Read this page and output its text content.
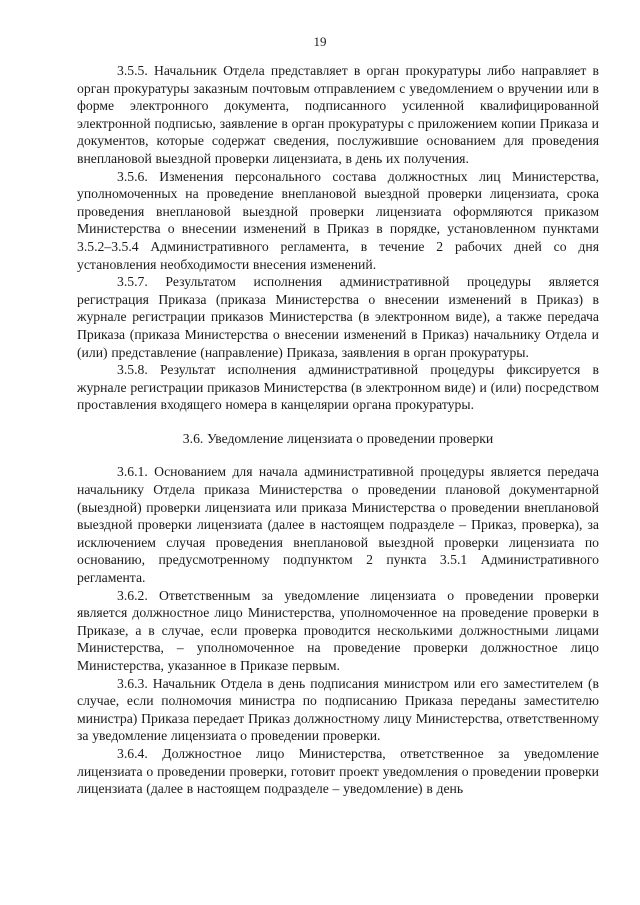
19

3.5.5. Начальник Отдела представляет в орган прокуратуры либо направляет в орган прокуратуры заказным почтовым отправлением с уведомлением о вручении или в форме электронного документа, подписанного усиленной квалифицированной электронной подписью, заявление в орган прокуратуры с приложением копии Приказа и документов, которые содержат сведения, послужившие основанием для проведения внеплановой выездной проверки лицензиата, в день их получения.

3.5.6. Изменения персонального состава должностных лиц Министерства, уполномоченных на проведение внеплановой выездной проверки лицензиата, срока проведения внеплановой выездной проверки лицензиата оформляются приказом Министерства о внесении изменений в Приказ в порядке, установленном пунктами 3.5.2–3.5.4 Административного регламента, в течение 2 рабочих дней со дня установления необходимости внесения изменений.

3.5.7. Результатом исполнения административной процедуры является регистрация Приказа (приказа Министерства о внесении изменений в Приказ) в журнале регистрации приказов Министерства (в электронном виде), а также передача Приказа (приказа Министерства о внесении изменений в Приказ) начальнику Отдела и (или) представление (направление) Приказа, заявления в орган прокуратуры.

3.5.8. Результат исполнения административной процедуры фиксируется в журнале регистрации приказов Министерства (в электронном виде) и (или) посредством проставления входящего номера в канцелярии органа прокуратуры.

3.6. Уведомление лицензиата о проведении проверки

3.6.1. Основанием для начала административной процедуры является передача начальнику Отдела приказа Министерства о проведении плановой документарной (выездной) проверки лицензиата или приказа Министерства о проведении внеплановой выездной проверки лицензиата (далее в настоящем подразделе – Приказ, проверка), за исключением случая проведения внеплановой выездной проверки лицензиата по основанию, предусмотренному подпунктом 2 пункта 3.5.1 Административного регламента.

3.6.2. Ответственным за уведомление лицензиата о проведении проверки является должностное лицо Министерства, уполномоченное на проведение проверки в Приказе, а в случае, если проверка проводится несколькими должностными лицами Министерства, – уполномоченное на проведение проверки должностное лицо Министерства, указанное в Приказе первым.

3.6.3. Начальник Отдела в день подписания министром или его заместителем (в случае, если полномочия министра по подписанию Приказа переданы заместителю министра) Приказа передает Приказ должностному лицу Министерства, ответственному за уведомление лицензиата о проведении проверки.

3.6.4. Должностное лицо Министерства, ответственное за уведомление лицензиата о проведении проверки, готовит проект уведомления о проведении проверки лицензиата (далее в настоящем подразделе – уведомление) в день
